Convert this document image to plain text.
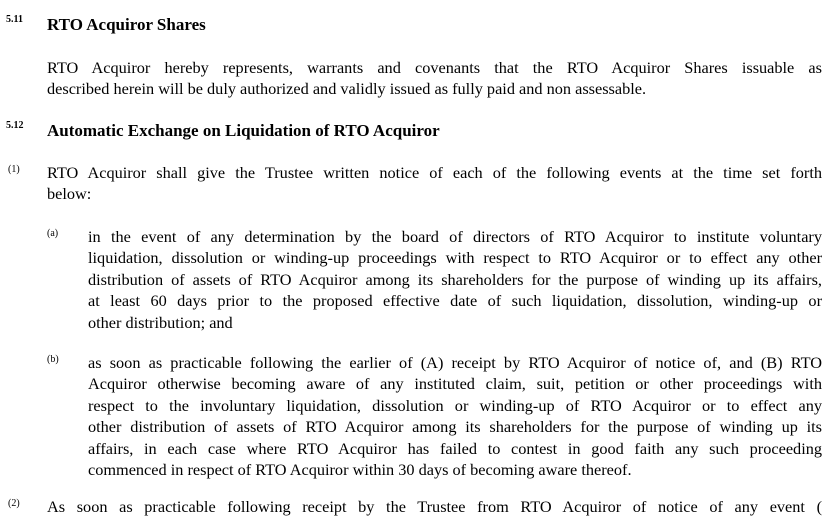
5.11 RTO Acquiror Shares
RTO Acquiror hereby represents, warrants and covenants that the RTO Acquiror Shares issuable as
described herein will be duly authorized and validly issued as fully paid and non assessable.
5.12 Automatic Exchange on Liquidation of RTO Acquiror
(1) RTO Acquiror shall give the Trustee written notice of each of the following events at the time set forth
below:
(a) in the event of any determination by the board of directors of RTO Acquiror to institute voluntary
liquidation, dissolution or winding-up proceedings with respect to RTO Acquiror or to effect any other
distribution of assets of RTO Acquiror among its shareholders for the purpose of winding up its affairs,
at least 60 days prior to the proposed effective date of such liquidation, dissolution, winding-up or
other distribution; and
(b) as soon as practicable following the earlier of (A) receipt by RTO Acquiror of notice of, and (B) RTO
Acquiror otherwise becoming aware of any instituted claim, suit, petition or other proceedings with
respect to the involuntary liquidation, dissolution or winding-up of RTO Acquiror or to effect any
other distribution of assets of RTO Acquiror among its shareholders for the purpose of winding up its
affairs, in each case where RTO Acquiror has failed to contest in good faith any such proceeding
commenced in respect of RTO Acquiror within 30 days of becoming aware thereof.
(2) As soon as practicable following receipt by the Trustee from RTO Acquiror of notice of any event (
